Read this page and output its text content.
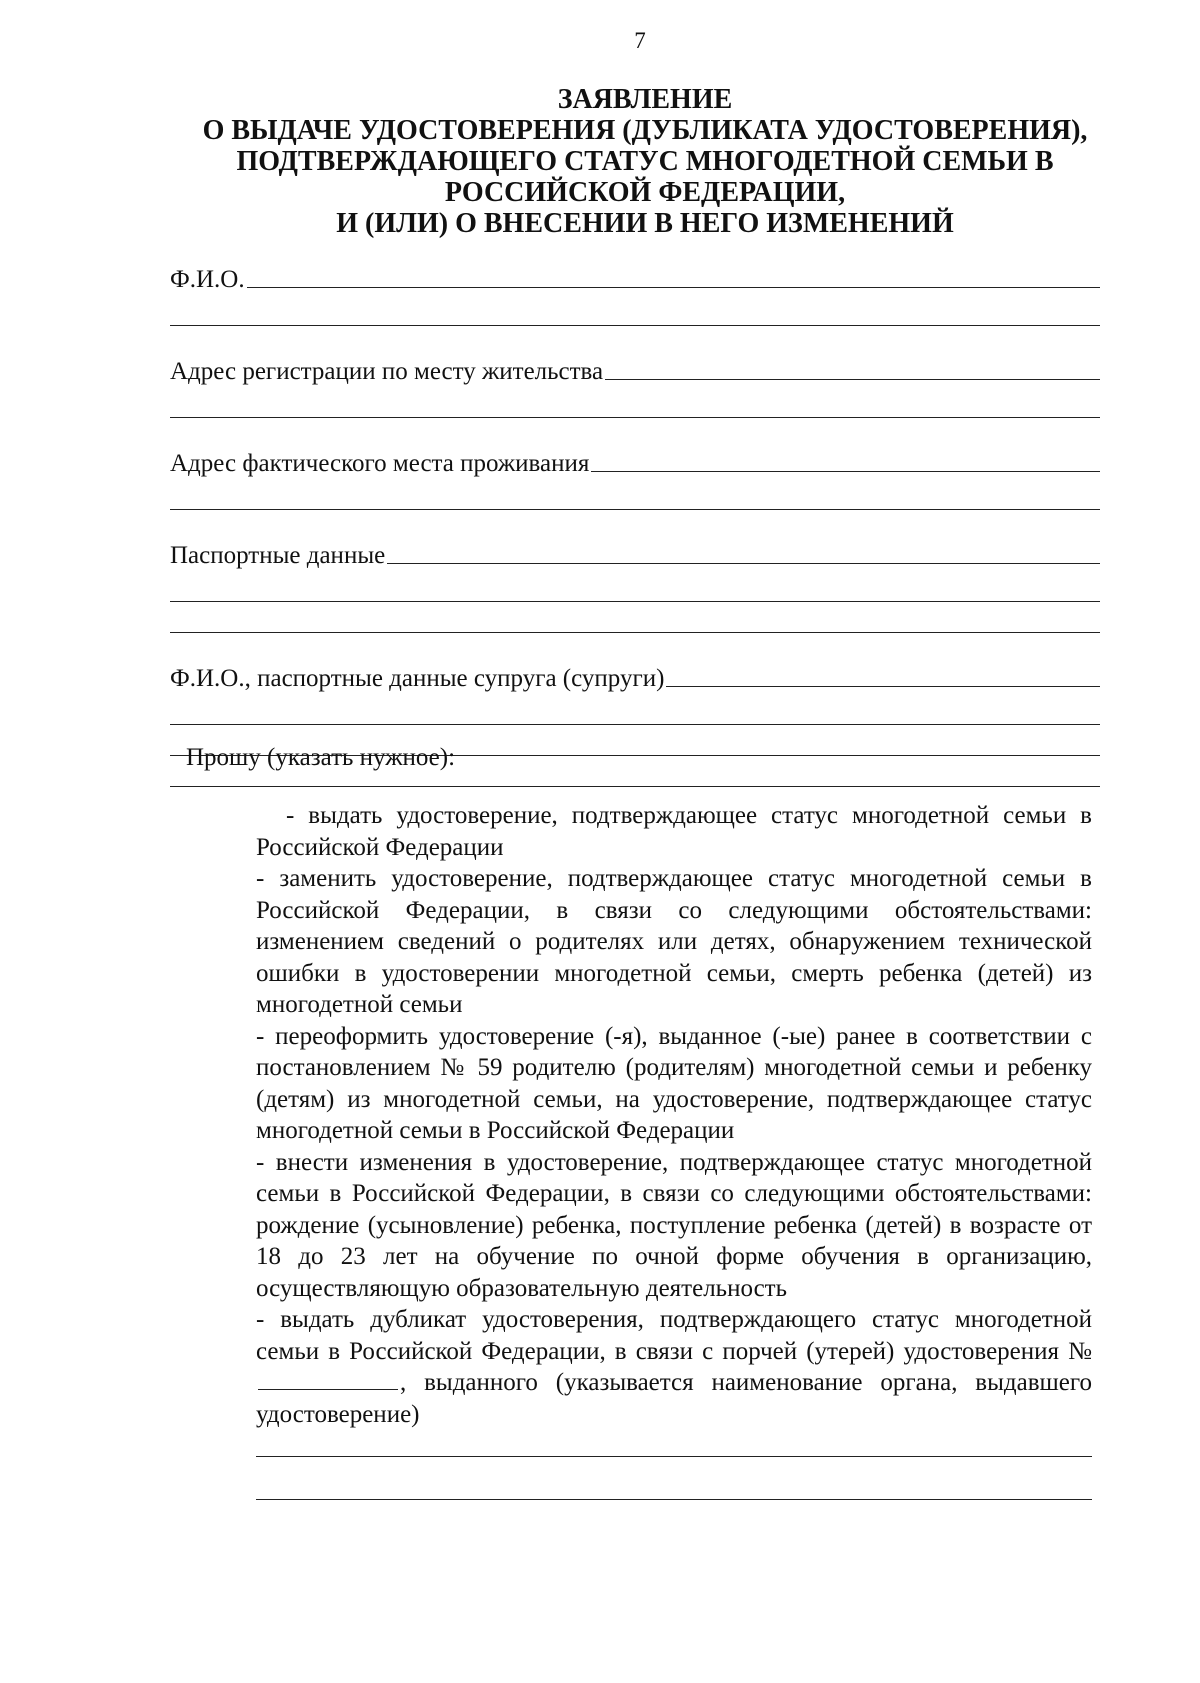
7
ЗАЯВЛЕНИЕ
О ВЫДАЧЕ УДОСТОВЕРЕНИЯ (ДУБЛИКАТА УДОСТОВЕРЕНИЯ),
ПОДТВЕРЖДАЮЩЕГО СТАТУС МНОГОДЕТНОЙ СЕМЬИ В
РОССИЙСКОЙ ФЕДЕРАЦИИ,
И (ИЛИ) О ВНЕСЕНИИ В НЕГО ИЗМЕНЕНИЙ
Ф.И.О.
Адрес регистрации по месту жительства
Адрес фактического места проживания
Паспортные данные
Ф.И.О., паспортные данные супруга (супруги)
Прошу (указать нужное):

- выдать удостоверение, подтверждающее статус многодетной семьи в Российской Федерации

- заменить удостоверение, подтверждающее статус многодетной семьи в Российской Федерации, в связи со следующими обстоятельствами: изменением сведений о родителях или детях, обнаружением технической ошибки в удостоверении многодетной семьи, смерть ребенка (детей) из многодетной семьи

- переоформить удостоверение (-я), выданное (-ые) ранее в соответствии с постановлением № 59 родителю (родителям) многодетной семьи и ребенку (детям) из многодетной семьи, на удостоверение, подтверждающее статус многодетной семьи в Российской Федерации

- внести изменения в удостоверение, подтверждающее статус многодетной семьи в Российской Федерации, в связи со следующими обстоятельствами: рождение (усыновление) ребенка, поступление ребенка (детей) в возрасте от 18 до 23 лет на обучение по очной форме обучения в организацию, осуществляющую образовательную деятельность

- выдать дубликат удостоверения, подтверждающего статус многодетной семьи в Российской Федерации, в связи с порчей (утерей) удостоверения №, выданного (указывается наименование органа, выдавшего удостоверение)
